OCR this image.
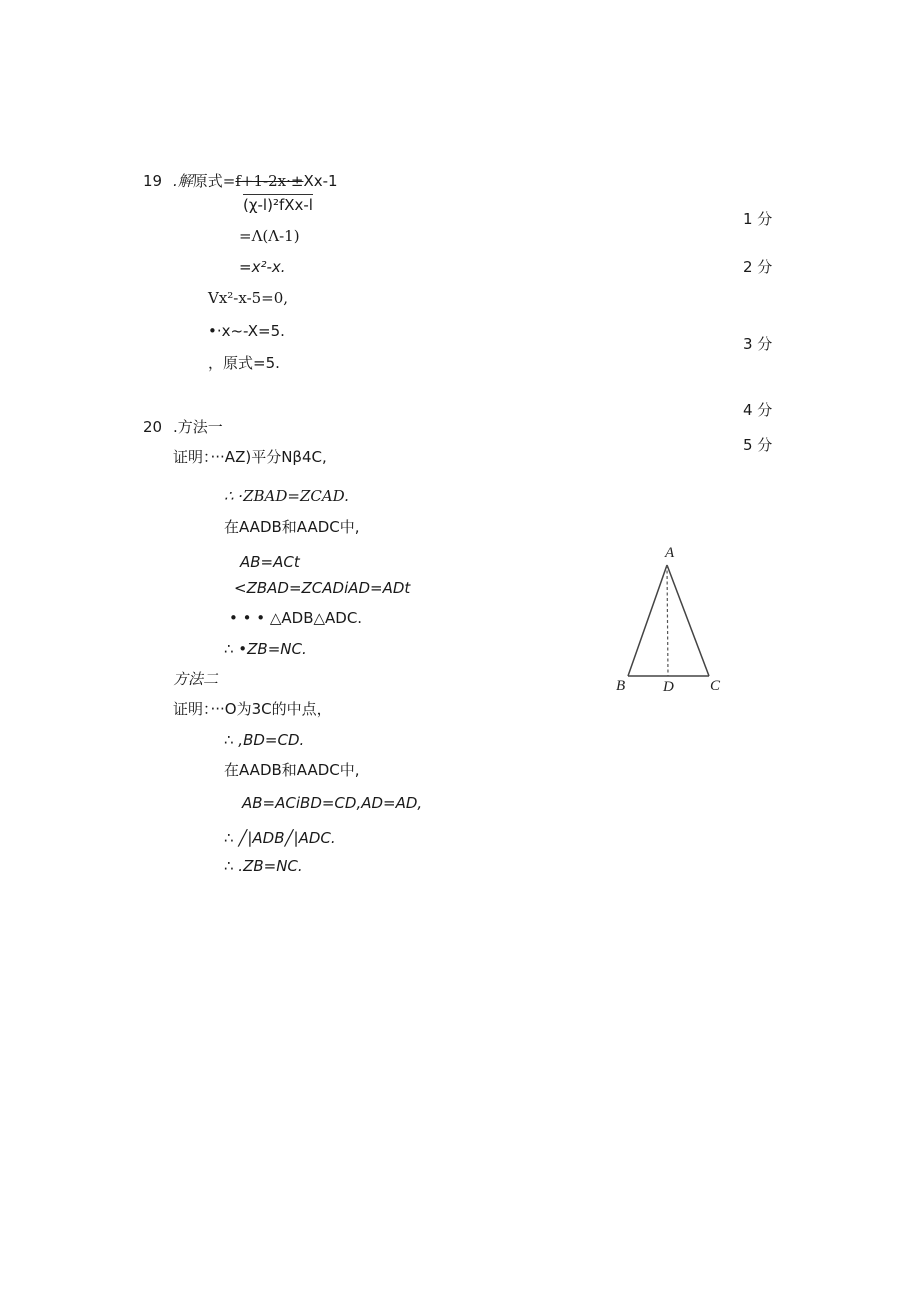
19 .解原式=f+1-2x·±Xx-1
(χ-l)²fXx-l
=Λ(Λ-1)
=x²-x.
Vx²-x-5=0,
•·x~-X=5.
，原式=5.
1 分
2 分
3 分
4 分
5 分
20 .方法一
证明：···AZ)平分Nβ4C,
∴ ·ZBAD=ZCAD.
在AADB和AADC中,
AB=ACt
<ZBAD=ZCADiAD=ADt
• • • △ADB△ADC.
∴ •ZB=NC.
方法二
证明：···O为3C的中点，
∴ ,BD=CD.
在AADB和AADC中,
AB=ACiBD=CD,AD=AD,
∴ ╱|ADB╱|ADC.
∴ .ZB=NC.
A
B	D C
